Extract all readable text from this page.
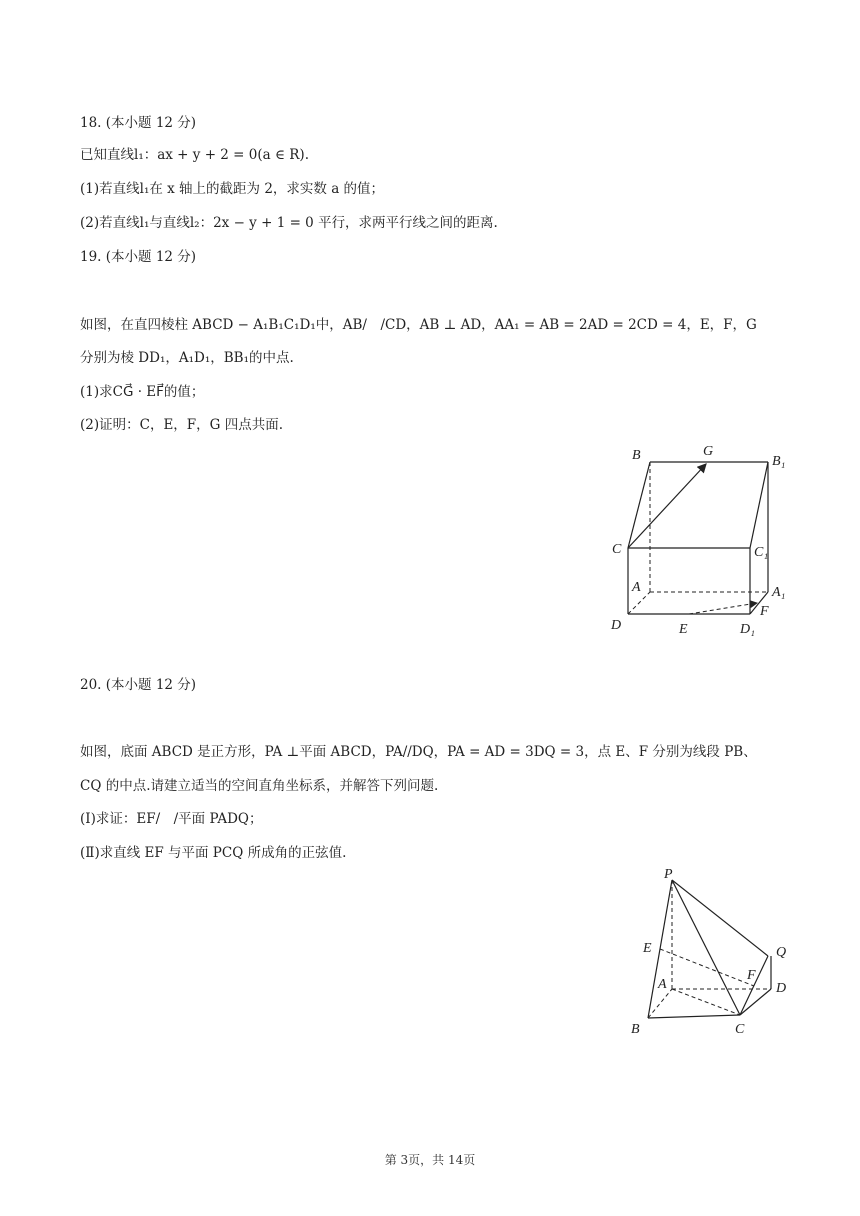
18. (本小题 12 分)
已知直线l₁：ax + y + 2 = 0(a ∈ R).
(1)若直线l₁在 x 轴上的截距为 2，求实数 a 的值；
(2)若直线l₁与直线l₂：2x − y + 1 = 0 平行，求两平行线之间的距离.
19. (本小题 12 分)
如图，在直四棱柱 ABCD − A₁B₁C₁D₁中，AB/　/CD，AB ⊥ AD，AA₁ = AB = 2AD = 2CD = 4，E，F，G
分别为棱 DD₁，A₁D₁，BB₁的中点.
(1)求CG⃗ · EF⃗的值；
(2)证明：C，E，F，G 四点共面.
B	G
B₁
C	C₁
A	A₁
F
D	E	D₁
20. (本小题 12 分)
如图，底面 ABCD 是正方形，PA ⊥平面 ABCD，PA//DQ，PA = AD = 3DQ = 3，点 E、F 分别为线段 PB、
CQ 的中点.请建立适当的空间直角坐标系，并解答下列问题.
(Ⅰ)求证：EF/　/平面 PADQ；
(Ⅱ)求直线 EF 与平面 PCQ 所成角的正弦值.
P
E	Q
A
F
D
B	C
第 3页，共 14页
